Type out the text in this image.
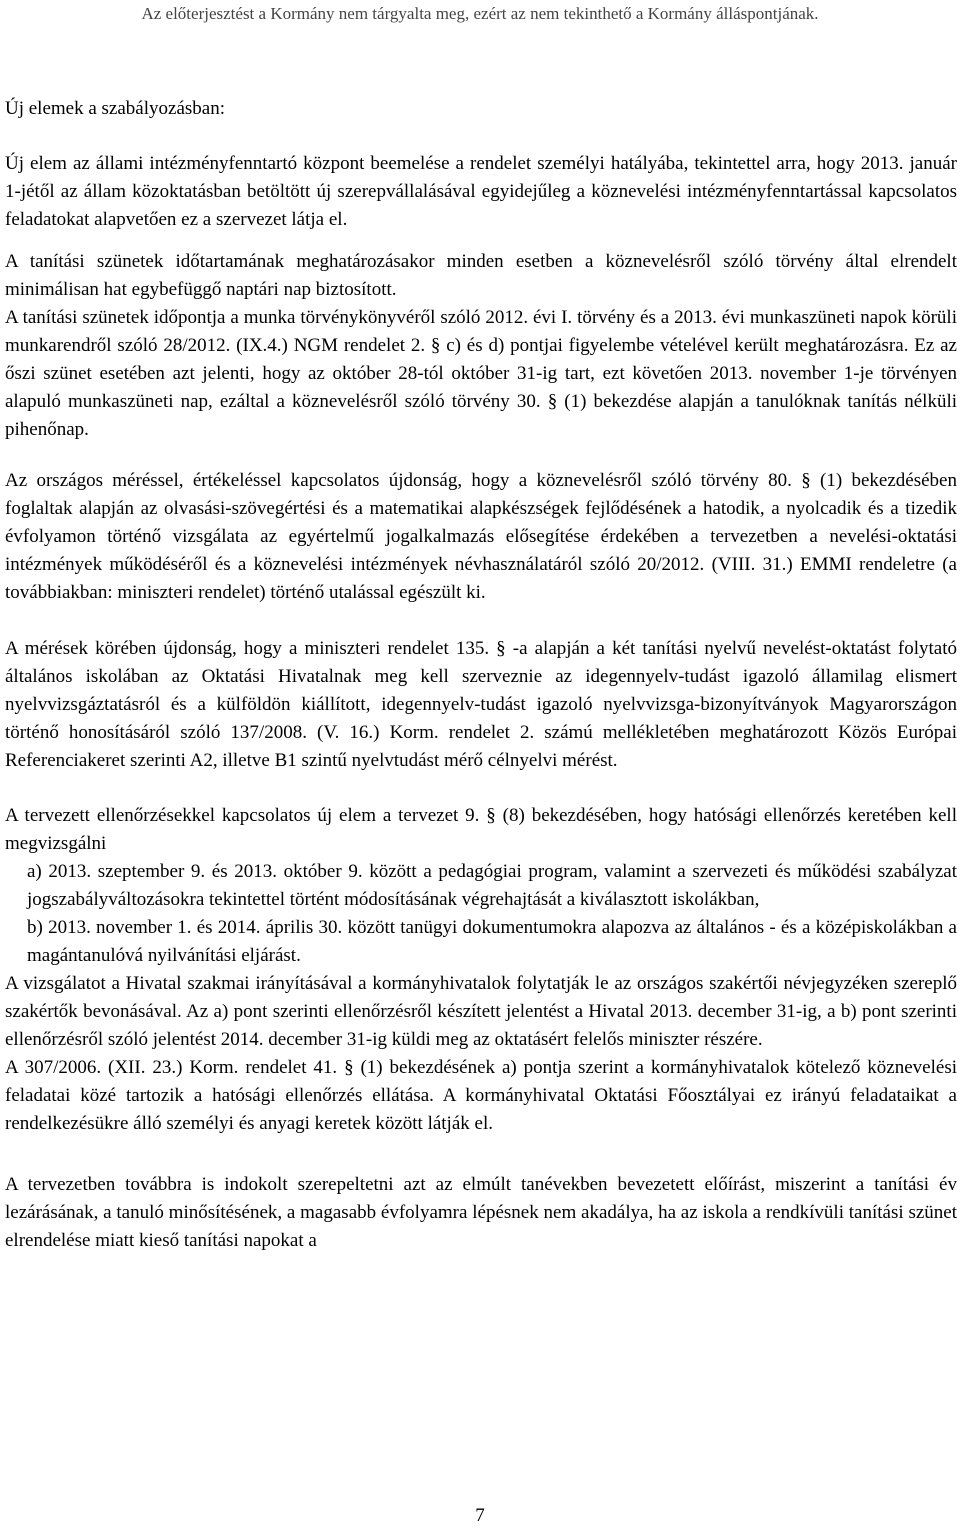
Az előterjesztést a Kormány nem tárgyalta meg, ezért az nem tekinthető a Kormány álláspontjának.
Új elemek a szabályozásban:

Új elem az állami intézményfenntartó központ beemelése a rendelet személyi hatályába, tekintettel arra, hogy 2013. január 1-jétől az állam közoktatásban betöltött új szerepvállalásával egyidejűleg a köznevelési intézményfenntartással kapcsolatos feladatokat alapvetően ez a szervezet látja el.

A tanítási szünetek időtartamának meghatározásakor minden esetben a köznevelésről szóló törvény által elrendelt minimálisan hat egybefüggő naptári nap biztosított.

A tanítási szünetek időpontja a munka törvénykönyvéről szóló 2012. évi I. törvény és a 2013. évi munkaszüneti napok körüli munkarendről szóló 28/2012. (IX.4.) NGM rendelet 2. § c) és d) pontjai figyelembe vételével került meghatározásra. Ez az őszi szünet esetében azt jelenti, hogy az október 28-tól október 31-ig tart, ezt követően 2013. november 1-je törvényen alapuló munkaszüneti nap, ezáltal a köznevelésről szóló törvény 30. § (1) bekezdése alapján a tanulóknak tanítás nélküli pihenőnap.

Az országos méréssel, értékeléssel kapcsolatos újdonság, hogy a köznevelésről szóló törvény 80. § (1) bekezdésében foglaltak alapján az olvasási-szövegértési és a matematikai alapkészségek fejlődésének a hatodik, a nyolcadik és a tizedik évfolyamon történő vizsgálata az egyértelmű jogalkalmazás elősegítése érdekében a tervezetben a nevelési-oktatási intézmények működéséről és a köznevelési intézmények névhasználatáról szóló 20/2012. (VIII. 31.) EMMI rendeletre (a továbbiakban: miniszteri rendelet) történő utalással egészült ki.

A mérések körében újdonság, hogy a miniszteri rendelet 135. § -a alapján a két tanítási nyelvű nevelést-oktatást folytató általános iskolában az Oktatási Hivatalnak meg kell szerveznie az idegennyelv-tudást igazoló államilag elismert nyelvvizsgáztatásról és a külföldön kiállított, idegennyelv-tudást igazoló nyelvvizsga-bizonyítványok Magyarországon történő honosításáról szóló 137/2008. (V. 16.) Korm. rendelet 2. számú mellékletében meghatározott Közös Európai Referenciakeret szerinti A2, illetve B1 szintű nyelvtudást mérő célnyelvi mérést.

A tervezett ellenőrzésekkel kapcsolatos új elem a tervezet 9. § (8) bekezdésében, hogy hatósági ellenőrzés keretében kell megvizsgálni

a) 2013. szeptember 9. és 2013. október 9. között a pedagógiai program, valamint a szervezeti és működési szabályzat jogszabályváltozásokra tekintettel történt módosításának végrehajtását a kiválasztott iskolákban,

b) 2013. november 1. és 2014. április 30. között tanügyi dokumentumokra alapozva az általános - és a középiskolákban a magántanulóvá nyilvánítási eljárást.

A vizsgálatot a Hivatal szakmai irányításával a kormányhivatalok folytatják le az országos szakértői névjegyzéken szereplő szakértők bevonásával. Az a) pont szerinti ellenőrzésről készített jelentést a Hivatal 2013. december 31-ig, a b) pont szerinti ellenőrzésről szóló jelentést 2014. december 31-ig küldi meg az oktatásért felelős miniszter részére.

A 307/2006. (XII. 23.) Korm. rendelet 41. § (1) bekezdésének a) pontja szerint a kormányhivatalok kötelező köznevelési feladatai közé tartozik a hatósági ellenőrzés ellátása. A kormányhivatal Oktatási Főosztályai ez irányú feladataikat a rendelkezésükre álló személyi és anyagi keretek között látják el.

A tervezetben továbbra is indokolt szerepeltetni azt az elmúlt tanévekben bevezetett előírást, miszerint a tanítási év lezárásának, a tanuló minősítésének, a magasabb évfolyamra lépésnek nem akadálya, ha az iskola a rendkívüli tanítási szünet elrendelése miatt kieső tanítási napokat a

7
